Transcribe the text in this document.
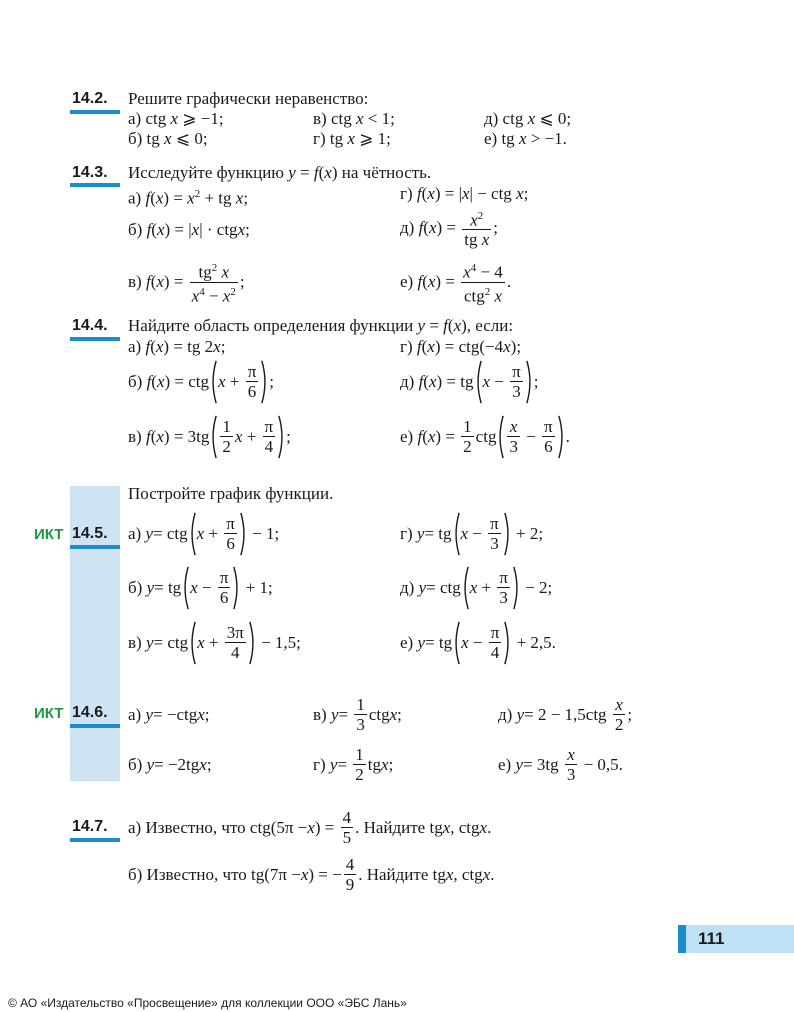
14.2. Решите графически неравенство:
а) ctg x ⩾ −1;	в) ctg x < 1;	д) ctg x ⩽ 0;
б) tg x ⩽ 0;	г) tg x ⩾ 1;	е) tg x > −1.
14.3. Исследуйте функцию y = f(x) на чётность.
а) $f(x) = x^2$ + tg x;	г) f(x) = |x| − ctg x;
б) f ( x ) = | x | · ctg x ;	д) f ( x ) = $\frac{x^2}{\text{tg x}}$ ;
в) f ( x ) = $\frac{tg^2 x}{x^4 - x^2}$ ;	е) f ( x ) = $\frac{x^4 - 4}{ctg^2 x}$ .
14.4. Найдите область определения функции y = f(x), если:
а) f(x) = tg 2x;	г) f(x) = ctg(−4x);
б) f ( x ) = ctg $x + \frac{\pi}{6}$ ;	д) f ( x ) = tg $x - \frac{\pi}{3}$ ;
в) f ( x ) = $3tg \frac{1}{2}$ $x + \frac{\pi}{4}$ ;	е) f ( x ) = $\frac{1}{2}$ ctg $\frac{x}{3} - \frac{\pi}{6}$ .
Постройте график функции.
ИКТ 14.5. а) y = ctg $x + \frac{\pi}{6} - 1$;	г) y = tg $x - \frac{\pi}{3} + 2$;
б) y = tg $x - \frac{\pi}{6} + 1$;	д) y = ctg $x + \frac{\pi}{3} - 2$;
в) y = ctg $x + \frac{3\pi}{4} - 1,5$;	е) y = tg $x - \frac{\pi}{4} + 2,5$.
ИКТ 14.6. а) y = −ctg x ;	в) $y = \frac{1}{3}$ ctg x ;	д) $y = 2 - 1,5ctg \frac{x}{2}$ ;
б) y = −2tg x ;	г) $y = \frac{1}{2}$ tg x ;	е) $y = 3tg \frac{x}{3} - 0,5$.
14.7. а) Известно, что ctg(5π − x ) = $\frac{4}{5}$ . Найдите tg x , ctg x .
б) Известно, что tg(7π − x ) = − $\frac{4}{9}$ . Найдите tg x , ctg x .
111
© АО «Издательство «Просвещение» для коллекции ООО «ЭБС Лань»
